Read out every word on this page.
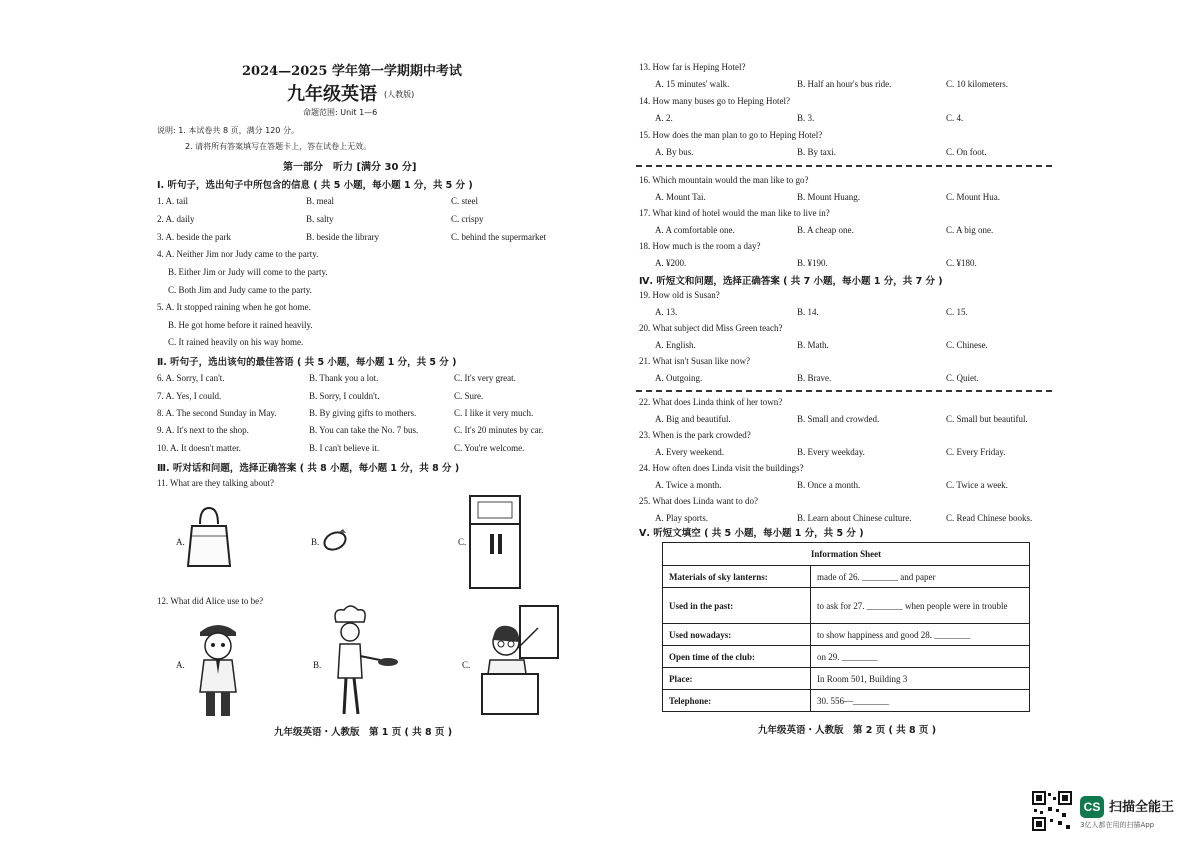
2024—2025 学年第一学期期中考试
九年级英语 (人教版)
命题范围: Unit 1—6
说明: 1. 本试卷共 8 页，满分 120 分。
2. 请将所有答案填写在答题卡上，答在试卷上无效。
第一部分　听力 [满分 30 分]
Ⅰ. 听句子，选出句子中所包含的信息 ( 共 5 小题，每小题 1 分，共 5 分 )
1. A. tail	B. meal	C. steel
2. A. daily	B. salty	C. crispy
3. A. beside the park	B. beside the library	C. behind the supermarket
4. A. Neither Jim nor Judy came to the party.
B. Either Jim or Judy will come to the party.
C. Both Jim and Judy came to the party.
5. A. It stopped raining when he got home.
B. He got home before it rained heavily.
C. It rained heavily on his way home.
Ⅱ. 听句子，选出该句的最佳答语 ( 共 5 小题，每小题 1 分，共 5 分 )
6. A. Sorry, I can't.	B. Thank you a lot.	C. It's very great.
7. A. Yes, I could.	B. Sorry, I couldn't.	C. Sure.
8. A. The second Sunday in May.	B. By giving gifts to mothers.	C. I like it very much.
9. A. It's next to the shop.	B. You can take the No. 7 bus.	C. It's 20 minutes by car.
10. A. It doesn't matter.	B. I can't believe it.	C. You're welcome.
Ⅲ. 听对话和问题，选择正确答案 ( 共 8 小题，每小题 1 分，共 8 分 )
11. What are they talking about?
A.	B.	C.
12. What did Alice use to be?
A.	B.	C.
九年级英语・人教版　第 1 页 ( 共 8 页 )
13. How far is Heping Hotel?
A. 15 minutes' walk.	B. Half an hour's bus ride.	C. 10 kilometers.
14. How many buses go to Heping Hotel?
A. 2.	B. 3.	C. 4.
15. How does the man plan to go to Heping Hotel?
A. By bus.	B. By taxi.	C. On foot.
16. Which mountain would the man like to go?
A. Mount Tai.	B. Mount Huang.	C. Mount Hua.
17. What kind of hotel would the man like to live in?
A. A comfortable one.	B. A cheap one.	C. A big one.
18. How much is the room a day?
A. ¥200.	B. ¥190.	C. ¥180.
19. How old is Susan?
A. 13.	B. 14.	C. 15.
20. What subject did Miss Green teach?
A. English.	B. Math.	C. Chinese.
21. What isn't Susan like now?
A. Outgoing.	B. Brave.	C. Quiet.
22. What does Linda think of her town?
A. Big and beautiful.	B. Small and crowded.	C. Small but beautiful.
23. When is the park crowded?
A. Every weekend.	B. Every weekday.	C. Every Friday.
24. How often does Linda visit the buildings?
A. Twice a month.	B. Once a month.	C. Twice a week.
25. What does Linda want to do?
A. Play sports.	B. Learn about Chinese culture.	C. Read Chinese books.
Ⅳ. 听短文和问题，选择正确答案 ( 共 7 小题，每小题 1 分，共 7 分 )
Ⅴ. 听短文填空 ( 共 5 小题，每小题 1 分，共 5 分 )
Information Sheet	
Materials of sky lanterns:	made of 26. ________ and paper
Used in the past:	to ask for 27. ________ when people were in trouble
Used nowadays:	to show happiness and good 28. ________
Open time of the club:	on 29. ________
Place:	In Room 501, Building 3
Telephone:	30. 556—________
九年级英语・人教版　第 2 页 ( 共 8 页 )
CS 扫描全能王
3亿人都在用的扫描App
